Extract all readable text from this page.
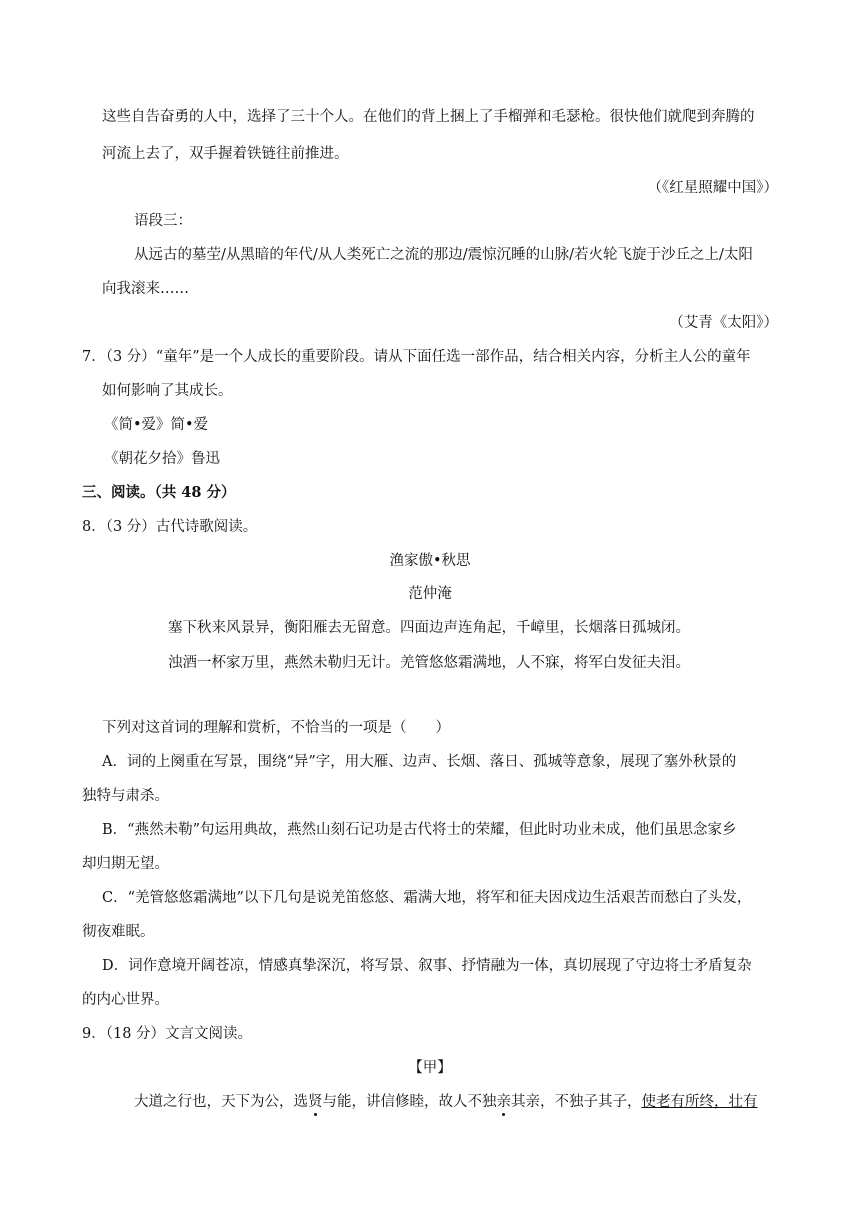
这些自告奋勇的人中，选择了三十个人。在他们的背上捆上了手榴弹和毛瑟枪。很快他们就爬到奔腾的
河流上去了，双手握着铁链往前推进。
（《红星照耀中国》）
语段三：
从远古的墓茔/从黑暗的年代/从人类死亡之流的那边/震惊沉睡的山脉/若火轮飞旋于沙丘之上/太阳
向我滚来……
（艾青《太阳》）
7．（3 分）“童年”是一个人成长的重要阶段。请从下面任选一部作品，结合相关内容，分析主人公的童年
如何影响了其成长。
《简•爱》简•爱
《朝花夕拾》鲁迅
三、阅读。（共 48 分）
8．（3 分）古代诗歌阅读。
渔家傲•秋思
范仲淹
塞下秋来风景异，衡阳雁去无留意。四面边声连角起，千嶂里，长烟落日孤城闭。
浊酒一杯家万里，燕然未勒归无计。羌管悠悠霜满地，人不寐，将军白发征夫泪。
下列对这首词的理解和赏析，不恰当的一项是（　　）
A．词的上阕重在写景，围绕“异”字，用大雁、边声、长烟、落日、孤城等意象，展现了塞外秋景的
独特与肃杀。
B．“燕然未勒”句运用典故，燕然山刻石记功是古代将士的荣耀，但此时功业未成，他们虽思念家乡
却归期无望。
C．“羌管悠悠霜满地”以下几句是说羌笛悠悠、霜满大地，将军和征夫因戍边生活艰苦而愁白了头发，
彻夜难眠。
D．词作意境开阔苍凉，情感真挚深沉，将写景、叙事、抒情融为一体，真切展现了守边将士矛盾复杂
的内心世界。
9．（18 分）文言文阅读。
【甲】
大道之行也，天下为公，选贤与能，讲信修睦，故人不独亲其亲，不独子其子，使老有所终，壮有
